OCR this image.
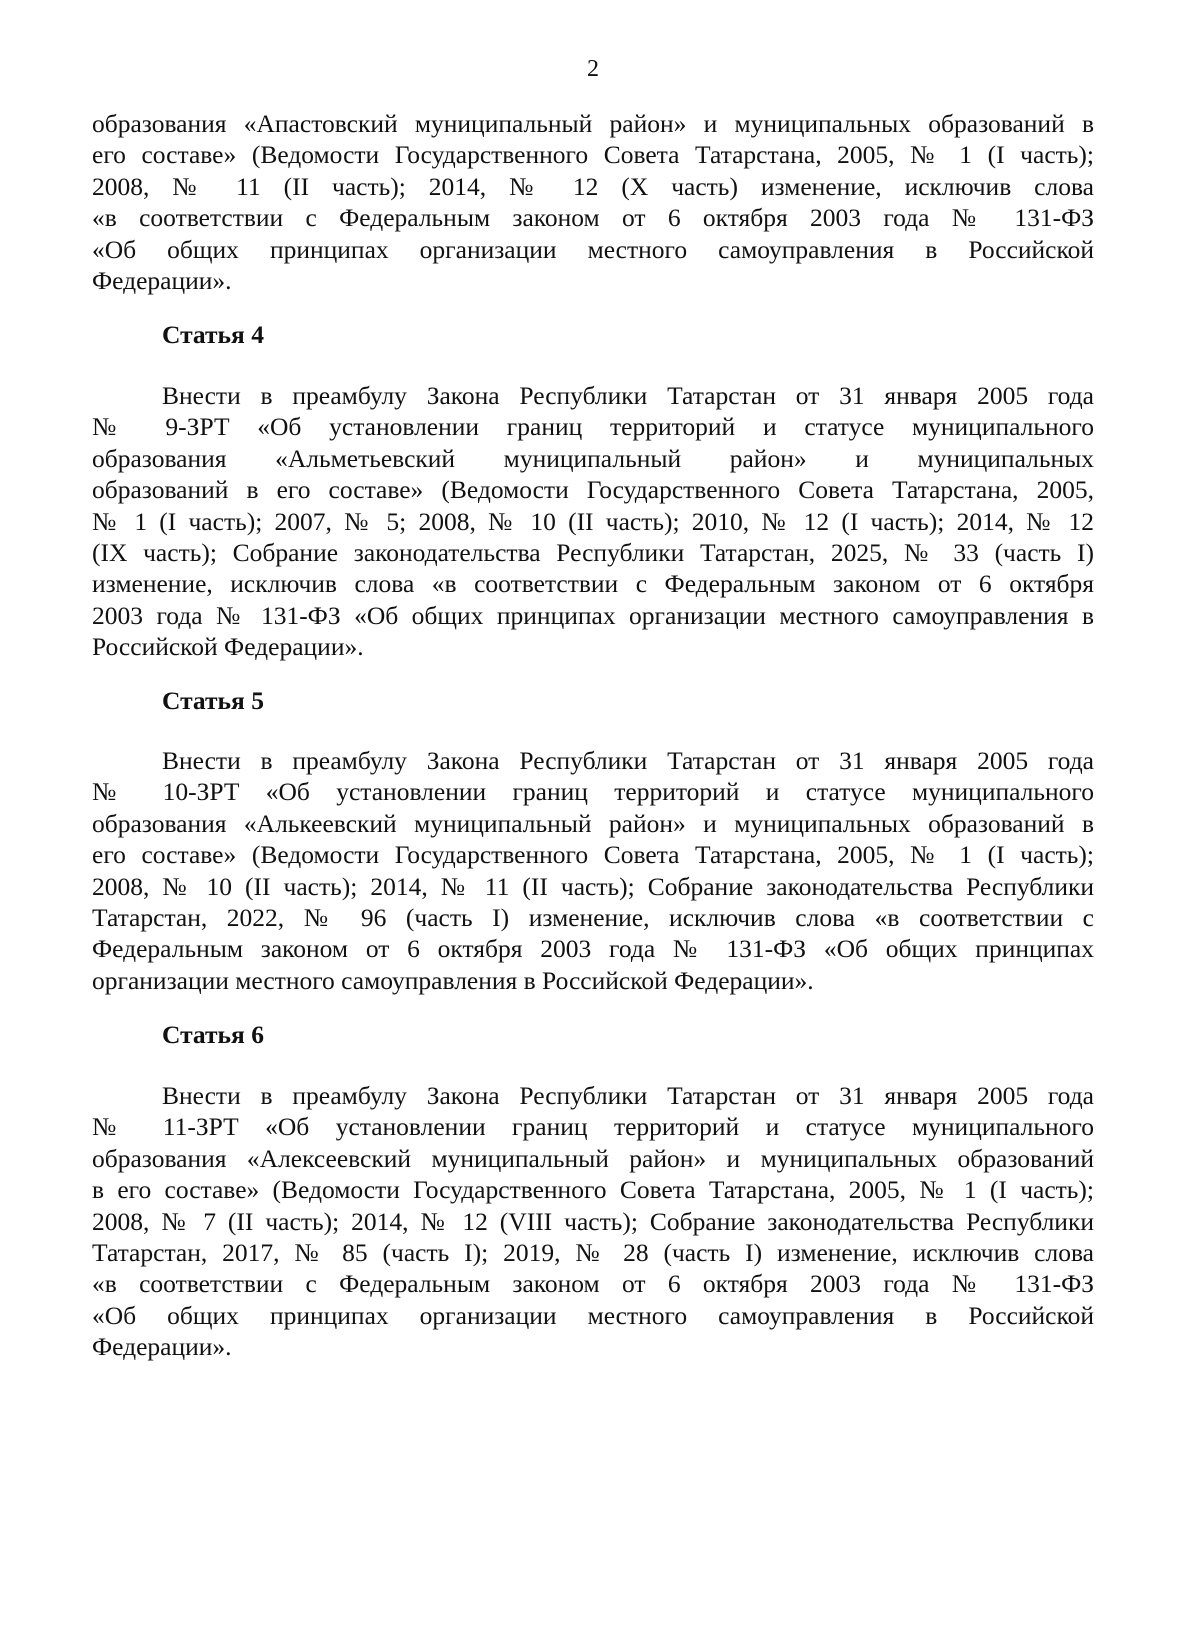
2
образования «Апастовский муниципальный район» и муниципальных образований в
его составе» (Ведомости Государственного Совета Татарстана, 2005, № 1 (I часть);
2008, № 11 (II часть); 2014, № 12 (X часть) изменение, исключив слова
«в соответствии с Федеральным законом от 6 октября 2003 года № 131-ФЗ
«Об общих принципах организации местного самоуправления в Российской
Федерации».
Статья 4
Внести в преамбулу Закона Республики Татарстан от 31 января 2005 года
№ 9-ЗРТ «Об установлении границ территорий и статусе муниципального
образования «Альметьевский муниципальный район» и муниципальных
образований в его составе» (Ведомости Государственного Совета Татарстана, 2005,
№ 1 (I часть); 2007, № 5; 2008, № 10 (II часть); 2010, № 12 (I часть); 2014, № 12
(IX часть); Собрание законодательства Республики Татарстан, 2025, № 33 (часть I)
изменение, исключив слова «в соответствии с Федеральным законом от 6 октября
2003 года № 131-ФЗ «Об общих принципах организации местного самоуправления в
Российской Федерации».
Статья 5
Внести в преамбулу Закона Республики Татарстан от 31 января 2005 года
№ 10-ЗРТ «Об установлении границ территорий и статусе муниципального
образования «Алькеевский муниципальный район» и муниципальных образований в
его составе» (Ведомости Государственного Совета Татарстана, 2005, № 1 (I часть);
2008, № 10 (II часть); 2014, № 11 (II часть); Собрание законодательства Республики
Татарстан, 2022, № 96 (часть I) изменение, исключив слова «в соответствии с
Федеральным законом от 6 октября 2003 года № 131-ФЗ «Об общих принципах
организации местного самоуправления в Российской Федерации».
Статья 6
Внести в преамбулу Закона Республики Татарстан от 31 января 2005 года
№ 11-ЗРТ «Об установлении границ территорий и статусе муниципального
образования «Алексеевский муниципальный район» и муниципальных образований
в его составе» (Ведомости Государственного Совета Татарстана, 2005, № 1 (I часть);
2008, № 7 (II часть); 2014, № 12 (VIII часть); Собрание законодательства Республики
Татарстан, 2017, № 85 (часть I); 2019, № 28 (часть I) изменение, исключив слова
«в соответствии с Федеральным законом от 6 октября 2003 года № 131-ФЗ
«Об общих принципах организации местного самоуправления в Российской
Федерации».
